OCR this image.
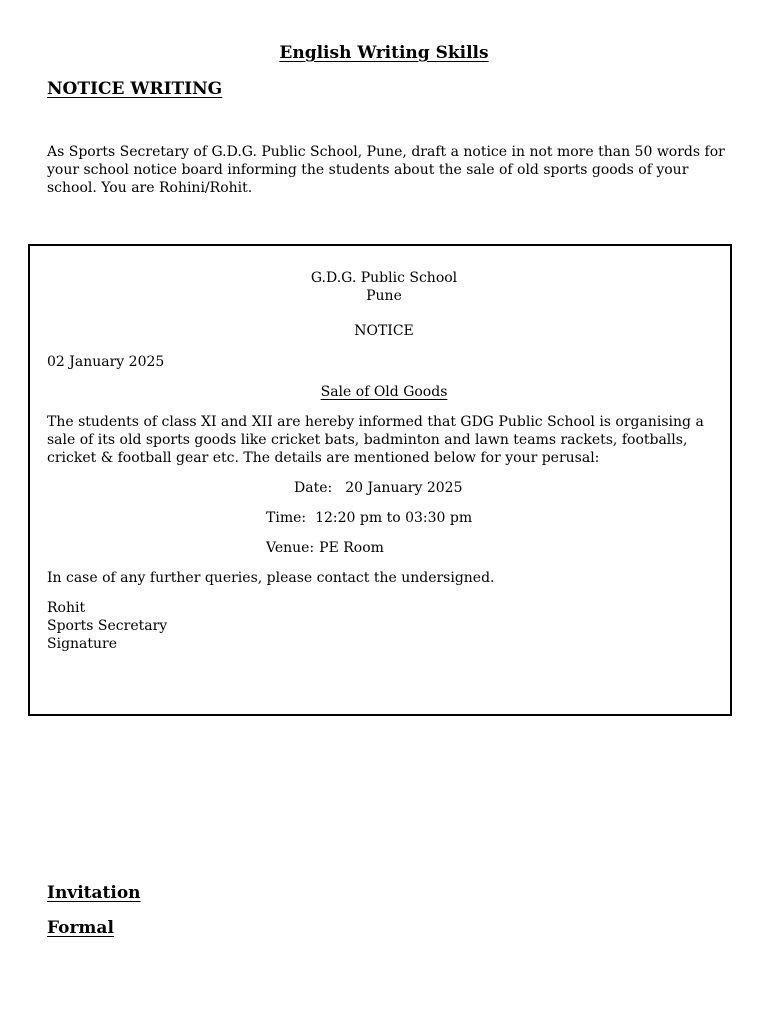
English Writing Skills
NOTICE WRITING
As Sports Secretary of G.D.G. Public School, Pune, draft a notice in not more than 50 words for your school notice board informing the students about the sale of old sports goods of your school. You are Rohini/Rohit.
G.D.G. Public School
Pune
NOTICE
02 January 2025
Sale of Old Goods
The students of class XI and XII are hereby informed that GDG Public School is organising a sale of its old sports goods like cricket bats, badminton and lawn teams rackets, footballs, cricket & football gear etc. The details are mentioned below for your perusal:
Date: 20 January 2025
Time: 12:20 pm to 03:30 pm
Venue: PE Room
In case of any further queries, please contact the undersigned.
Rohit
Sports Secretary
Signature
Invitation
Formal
